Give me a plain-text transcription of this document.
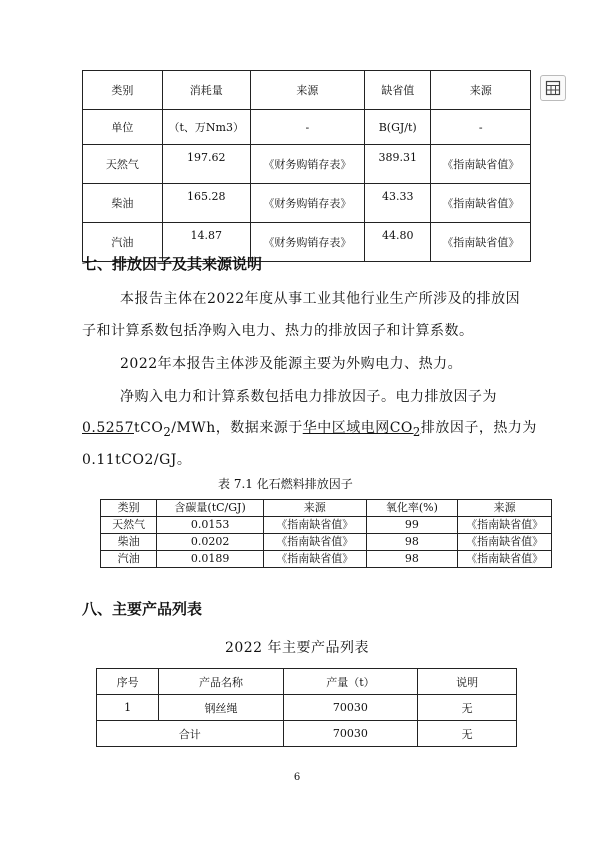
类别	消耗量	来源	缺省值	来源
单位	（t、万Nm3）	-	B(GJ/t)	-
天然气	197.62	《财务购销存表》	389.31	《指南缺省值》
柴油	165.28	《财务购销存表》	43.33	《指南缺省值》
汽油	14.87	《财务购销存表》	44.80	《指南缺省值》
七、排放因子及其来源说明
本报告主体在2022年度从事工业其他行业生产所涉及的排放因
子和计算系数包括净购入电力、热力的排放因子和计算系数。
2022年本报告主体涉及能源主要为外购电力、热力。
净购入电力和计算系数包括电力排放因子。电力排放因子为
0.5257tCO$_2$/MWh，数据来源于华中区域电网$CO_2$排放因子，热力为
0.11tCO2/GJ。
表 7.1 化石燃料排放因子
类别	含碳量(tC/GJ)	来源	氧化率(%)	来源
天然气	0.0153	《指南缺省值》	99	《指南缺省值》
柴油	0.0202	《指南缺省值》	98	《指南缺省值》
汽油	0.0189	《指南缺省值》	98	《指南缺省值》
八、主要产品列表
2022 年主要产品列表
序号	产品名称	产量（t）	说明
1	钢丝绳	70030	无
合计		70030	无
6
